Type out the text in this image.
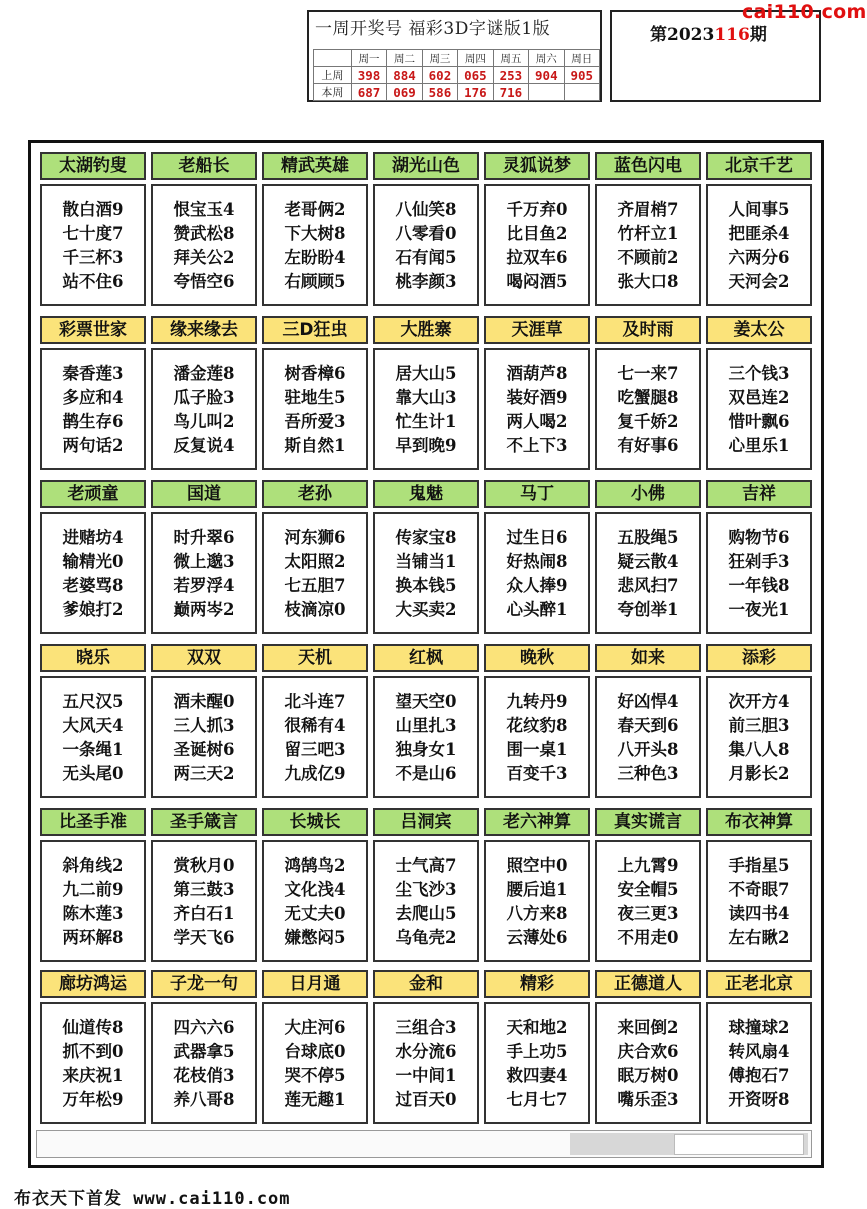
一周开奖号 福彩3D字谜版1版
	周一	周二	周三	周四	周五	周六	周日
上周	398	884	602	065	253	904	905
本周	687	069	586	176	716		
第2023116期
cai110.com
太湖钓叟
散白酒9
七十度7
千三杯3
站不住6
老船长
恨宝玉4
赞武松8
拜关公2
夸悟空6
精武英雄
老哥俩2
下大树8
左盼盼4
右顾顾5
湖光山色
八仙笑8
八零看0
石有闻5
桃李颜3
灵狐说梦
千万弃0
比目鱼2
拉双车6
喝闷酒5
蓝色闪电
齐眉梢7
竹杆立1
不顾前2
张大口8
北京千艺
人间事5
把匪杀4
六两分6
天河会2
彩票世家
秦香莲3
多应和4
鹊生存6
两句话2
缘来缘去
潘金莲8
瓜子脸3
鸟儿叫2
反复说4
三D狂虫
树香樟6
驻地生5
吾所爱3
斯自然1
大胜寨
居大山5
靠大山3
忙生计1
早到晚9
天涯草
酒葫芦8
装好酒9
两人喝2
不上下3
及时雨
七一来7
吃蟹腿8
复千娇2
有好事6
姜太公
三个钱3
双邑连2
惜叶飘6
心里乐1
老顽童
进赌坊4
输精光0
老婆骂8
爹娘打2
国道
时升翠6
微上邈3
若罗浮4
巅两岑2
老孙
河东狮6
太阳照2
七五胆7
枝滴凉0
鬼魅
传家宝8
当铺当1
换本钱5
大买卖2
马丁
过生日6
好热闹8
众人捧9
心头醉1
小佛
五股绳5
疑云散4
悲风扫7
夸创举1
吉祥
购物节6
狂剁手3
一年钱8
一夜光1
晓乐
五尺汉5
大风天4
一条绳1
无头尾0
双双
酒未醒0
三人抓3
圣诞树6
两三天2
天机
北斗连7
很稀有4
留三吧3
九成亿9
红枫
望天空0
山里扎3
独身女1
不是山6
晚秋
九转丹9
花纹豹8
围一桌1
百变千3
如来
好凶悍4
春天到6
八开头8
三种色3
添彩
次开方4
前三胆3
集八人8
月影长2
比圣手准
斜角线2
九二前9
陈木莲3
两环解8
圣手箴言
赏秋月0
第三鼓3
齐白石1
学天飞6
长城长
鸿鹄鸟2
文化浅4
无丈夫0
嫌憋闷5
吕洞宾
士气高7
尘飞沙3
去爬山5
乌龟壳2
老六神算
照空中0
腰后追1
八方来8
云薄处6
真实谎言
上九霄9
安全帽5
夜三更3
不用走0
布衣神算
手指星5
不奇眼7
读四书4
左右瞅2
廊坊鸿运
仙道传8
抓不到0
来庆祝1
万年松9
子龙一句
四六六6
武器拿5
花枝俏3
养八哥8
日月通
大庄河6
台球底0
哭不停5
莲无趣1
金和
三组合3
水分流6
一中间1
过百天0
精彩
天和地2
手上功5
救四妻4
七月七7
正德道人
来回倒2
庆合欢6
眠万树0
嘴乐歪3
正老北京
球撞球2
转风扇4
傅抱石7
开资呀8
布衣天下首发 www.cai110.com
